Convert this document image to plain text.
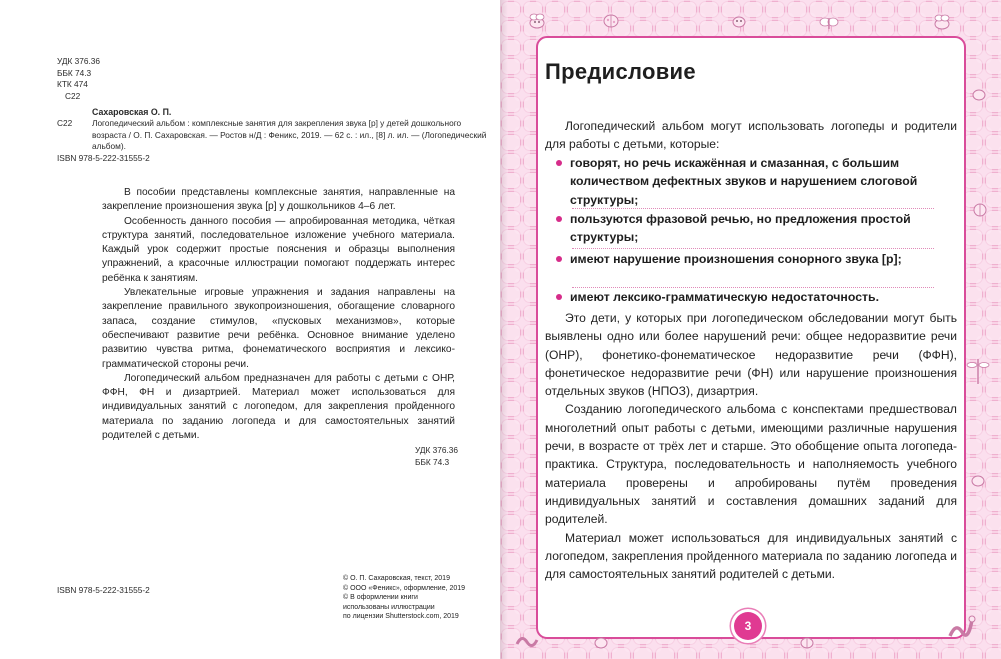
УДК 376.36
ББК 74.3
КТК 474
С22
Сахаровская О. П.
С22 Логопедический альбом : комплексные занятия для закрепления звука [р] у детей дошкольного возраста / О. П. Сахаровская. — Ростов н/Д : Феникс, 2019. — 62 с. : ил., [8] л. ил. — (Логопедический альбом).
ISBN 978-5-222-31555-2

В пособии представлены комплексные занятия, направленные на закрепление произношения звука [р] у дошкольников 4–6 лет.

Особенность данного пособия — апробированная методика, чёткая структура занятий, последовательное изложение учебного материала. Каждый урок содержит простые пояснения и образцы выполнения упражнений, а красочные иллюстрации помогают поддержать интерес ребёнка к занятиям.

Увлекательные игровые упражнения и задания направлены на закрепление правильного звукопроизношения, обогащение словарного запаса, создание стимулов, «пусковых механизмов», которые обеспечивают развитие речи ребёнка. Основное внимание уделено развитию чувства ритма, фонематического восприятия и лексико-грамматической стороны речи.

Логопедический альбом предназначен для работы с детьми с ОНР, ФФН, ФН и дизартрией. Материал может использоваться для индивидуальных занятий с логопедом, для закрепления пройденного материала по заданию логопеда и для самостоятельных занятий родителей с детьми.

УДК 376.36
ББК 74.3
ISBN 978-5-222-31555-2
© О. П. Сахаровская, текст, 2019
© ООО «Феникс», оформление, 2019
© В оформлении книги
использованы иллюстрации
по лицензии Shutterstock.com, 2019
Предисловие

Логопедический альбом могут использовать логопеды и родители для работы с детьми, которые:

говорят, но речь искажённая и смазанная, с большим количеством дефектных звуков и нарушением слоговой структуры;
пользуются фразовой речью, но предложения простой структуры;
имеют нарушение произношения сонорного звука [р];
имеют лексико-грамматическую недостаточность.

Это дети, у которых при логопедическом обследовании могут быть выявлены одно или более нарушений речи: общее недоразвитие речи (ОНР), фонетико-фонематическое недоразвитие речи (ФФН), фонетическое недоразвитие речи (ФН) или нарушение произношения отдельных звуков (НПОЗ), дизартрия.

Созданию логопедического альбома с конспектами предшествовал многолетний опыт работы с детьми, имеющими различные нарушения речи, в возрасте от трёх лет и старше. Это обобщение опыта логопеда-практика. Структура, последовательность и наполняемость учебного материала проверены и апробированы путём проведения индивидуальных занятий и составления домашних заданий для родителей.

Материал может использоваться для индивидуальных занятий с логопедом, закрепления пройденного материала по заданию логопеда и для самостоятельных занятий родителей с детьми.

3
